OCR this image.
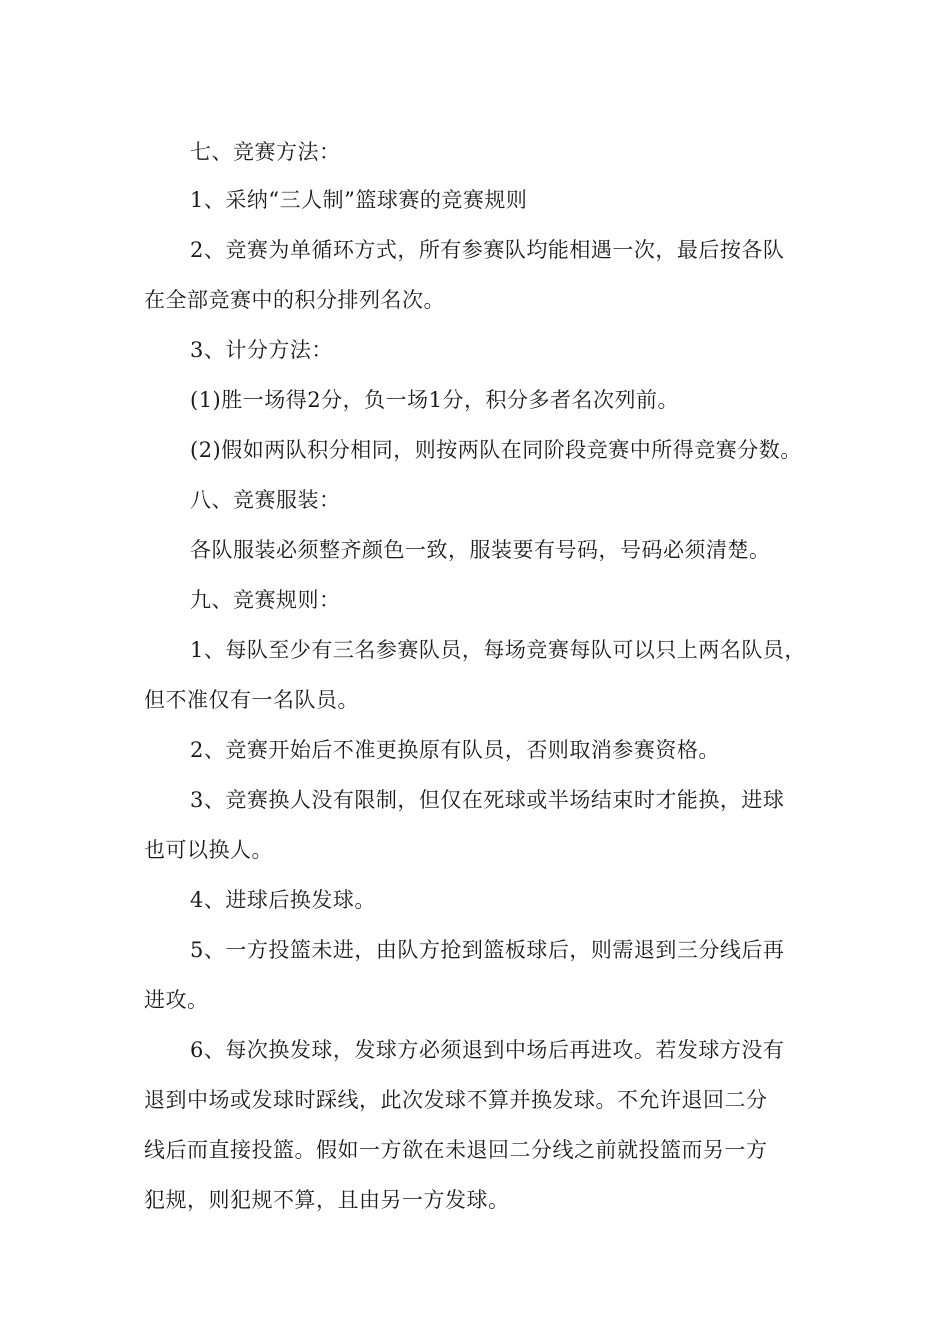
七、竞赛方法：
1、采纳“三人制”篮球赛的竞赛规则
2、竞赛为单循环方式，所有参赛队均能相遇一次，最后按各队
在全部竞赛中的积分排列名次。
3、计分方法：
(1)胜一场得2分，负一场1分，积分多者名次列前。
(2)假如两队积分相同，则按两队在同阶段竞赛中所得竞赛分数。
八、竞赛服装：
各队服装必须整齐颜色一致，服装要有号码，号码必须清楚。
九、竞赛规则：
1、每队至少有三名参赛队员，每场竞赛每队可以只上两名队员，
但不准仅有一名队员。
2、竞赛开始后不准更换原有队员，否则取消参赛资格。
3、竞赛换人没有限制，但仅在死球或半场结束时才能换，进球
也可以换人。
4、进球后换发球。
5、一方投篮未进，由队方抢到篮板球后，则需退到三分线后再
进攻。
6、每次换发球，发球方必须退到中场后再进攻。若发球方没有
退到中场或发球时踩线，此次发球不算并换发球。不允许退回二分
线后而直接投篮。假如一方欲在未退回二分线之前就投篮而另一方
犯规，则犯规不算，且由另一方发球。
